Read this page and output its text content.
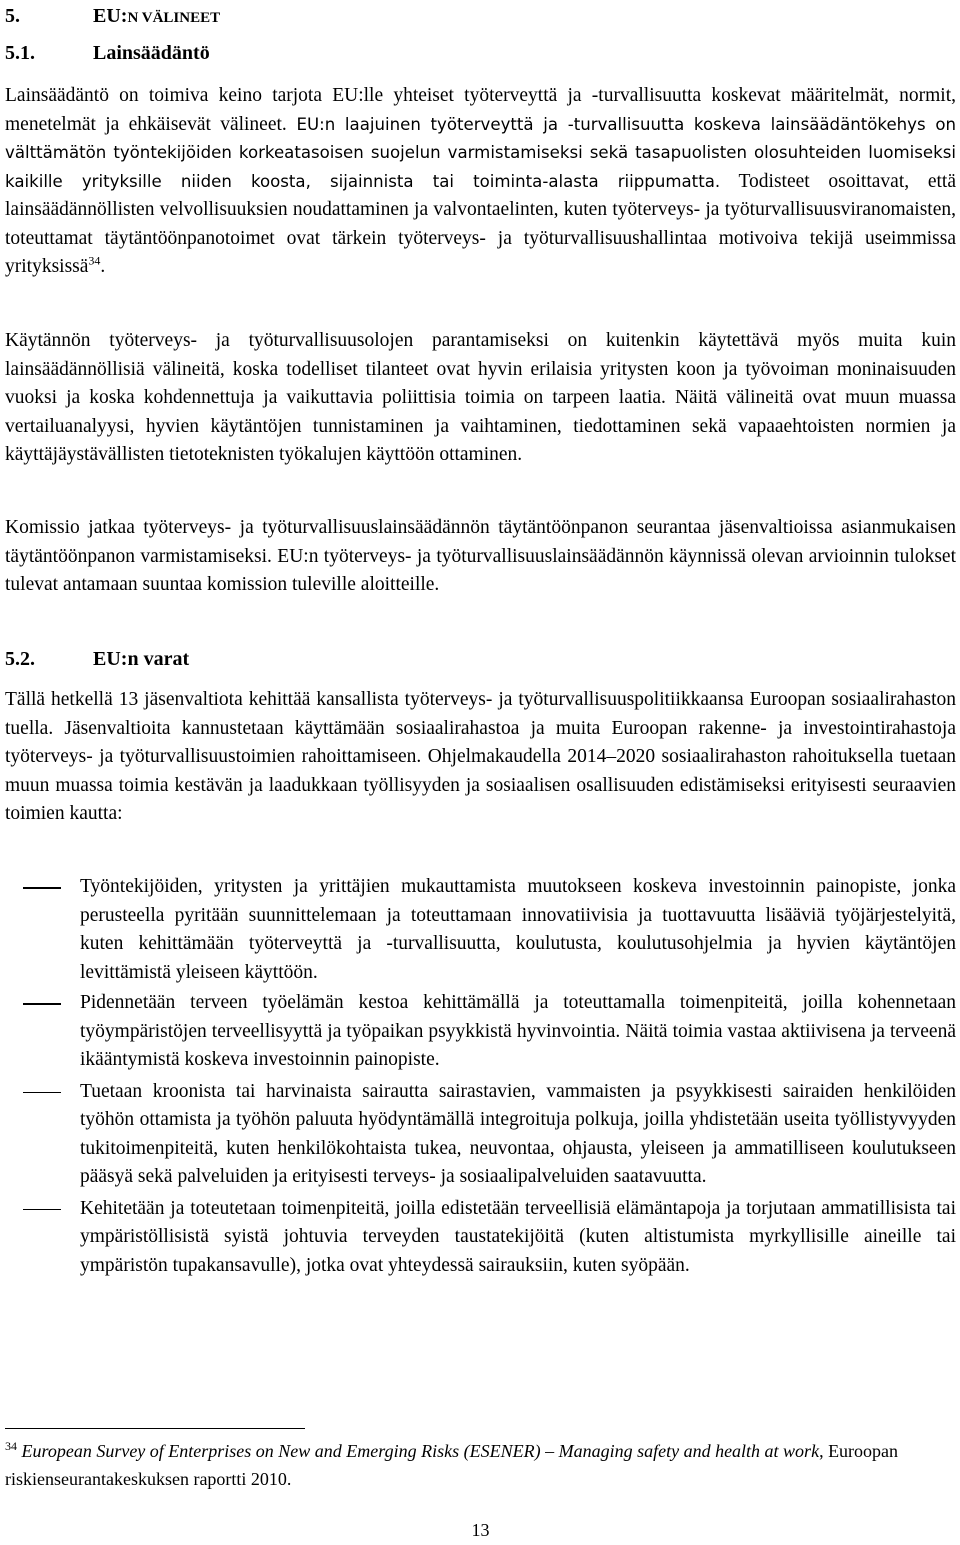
5.	EU:N VÄLINEET
5.1.	Lainsäädäntö

Lainsäädäntö on toimiva keino tarjota EU:lle yhteiset työterveyttä ja -turvallisuutta koskevat määritelmät, normit, menetelmät ja ehkäisevät välineet. EU:n laajuinen työterveyttä ja -turvallisuutta koskeva lainsäädäntökehys on välttämätön työntekijöiden korkeatasoisen suojelun varmistamiseksi sekä tasapuolisten olosuhteiden luomiseksi kaikille yrityksille niiden koosta, sijainnista tai toiminta-alasta riippumatta. Todisteet osoittavat, että lainsäädännöllisten velvollisuuksien noudattaminen ja valvontaelinten, kuten työterveys- ja työturvallisuusviranomaisten, toteuttamat täytäntöönpanotoimet ovat tärkein työterveys- ja työturvallisuushallintaa motivoiva tekijä useimmissa yrityksissä$^{34}$.

Käytännön työterveys- ja työturvallisuusolojen parantamiseksi on kuitenkin käytettävä myös muita kuin lainsäädännöllisiä välineitä, koska todelliset tilanteet ovat hyvin erilaisia yritysten koon ja työvoiman moninaisuuden vuoksi ja koska kohdennettuja ja vaikuttavia poliittisia toimia on tarpeen laatia. Näitä välineitä ovat muun muassa vertailuanalyysi, hyvien käytäntöjen tunnistaminen ja vaihtaminen, tiedottaminen sekä vapaaehtoisten normien ja käyttäjäystävällisten tietoteknisten työkalujen käyttöön ottaminen.

Komissio jatkaa työterveys- ja työturvallisuuslainsäädännön täytäntöönpanon seurantaa jäsenvaltioissa asianmukaisen täytäntöönpanon varmistamiseksi. EU:n työterveys- ja työturvallisuuslainsäädännön käynnissä olevan arvioinnin tulokset tulevat antamaan suuntaa komission tuleville aloitteille.

5.2.	EU:n varat

Tällä hetkellä 13 jäsenvaltiota kehittää kansallista työterveys- ja työturvallisuuspolitiikkaansa Euroopan sosiaalirahaston tuella. Jäsenvaltioita kannustetaan käyttämään sosiaalirahastoa ja muita Euroopan rakenne- ja investointirahastoja työterveys- ja työturvallisuustoimien rahoittamiseen. Ohjelmakaudella 2014–2020 sosiaalirahaston rahoituksella tuetaan muun muassa toimia kestävän ja laadukkaan työllisyyden ja sosiaalisen osallisuuden edistämiseksi erityisesti seuraavien toimien kautta:

Työntekijöiden, yritysten ja yrittäjien mukauttamista muutokseen koskeva investoinnin painopiste, jonka perusteella pyritään suunnittelemaan ja toteuttamaan innovatiivisia ja tuottavuutta lisääviä työjärjestelyitä, kuten kehittämään työterveyttä ja -turvallisuutta, koulutusta, koulutusohjelmia ja hyvien käytäntöjen levittämistä yleiseen käyttöön.
Pidennetään terveen työelämän kestoa kehittämällä ja toteuttamalla toimenpiteitä, joilla kohennetaan työympäristöjen terveellisyyttä ja työpaikan psyykkistä hyvinvointia. Näitä toimia vastaa aktiivisena ja terveenä ikääntymistä koskeva investoinnin painopiste.
Tuetaan kroonista tai harvinaista sairautta sairastavien, vammaisten ja psyykkisesti sairaiden henkilöiden työhön ottamista ja työhön paluuta hyödyntämällä integroituja polkuja, joilla yhdistetään useita työllistyvyyden tukitoimenpiteitä, kuten henkilökohtaista tukea, neuvontaa, ohjausta, yleiseen ja ammatilliseen koulutukseen pääsyä sekä palveluiden ja erityisesti terveys- ja sosiaalipalveluiden saatavuutta.
Kehitetään ja toteutetaan toimenpiteitä, joilla edistetään terveellisiä elämäntapoja ja torjutaan ammatillisista tai ympäristöllisistä syistä johtuvia terveyden taustatekijöitä (kuten altistumista myrkyllisille aineille tai ympäristön tupakansavulle), jotka ovat yhteydessä sairauksiin, kuten syöpään.
$^{34}$ European Survey of Enterprises on New and Emerging Risks (ESENER) – Managing safety and health at work, Euroopan riskienseurantakeskuksen raportti 2010.
13
